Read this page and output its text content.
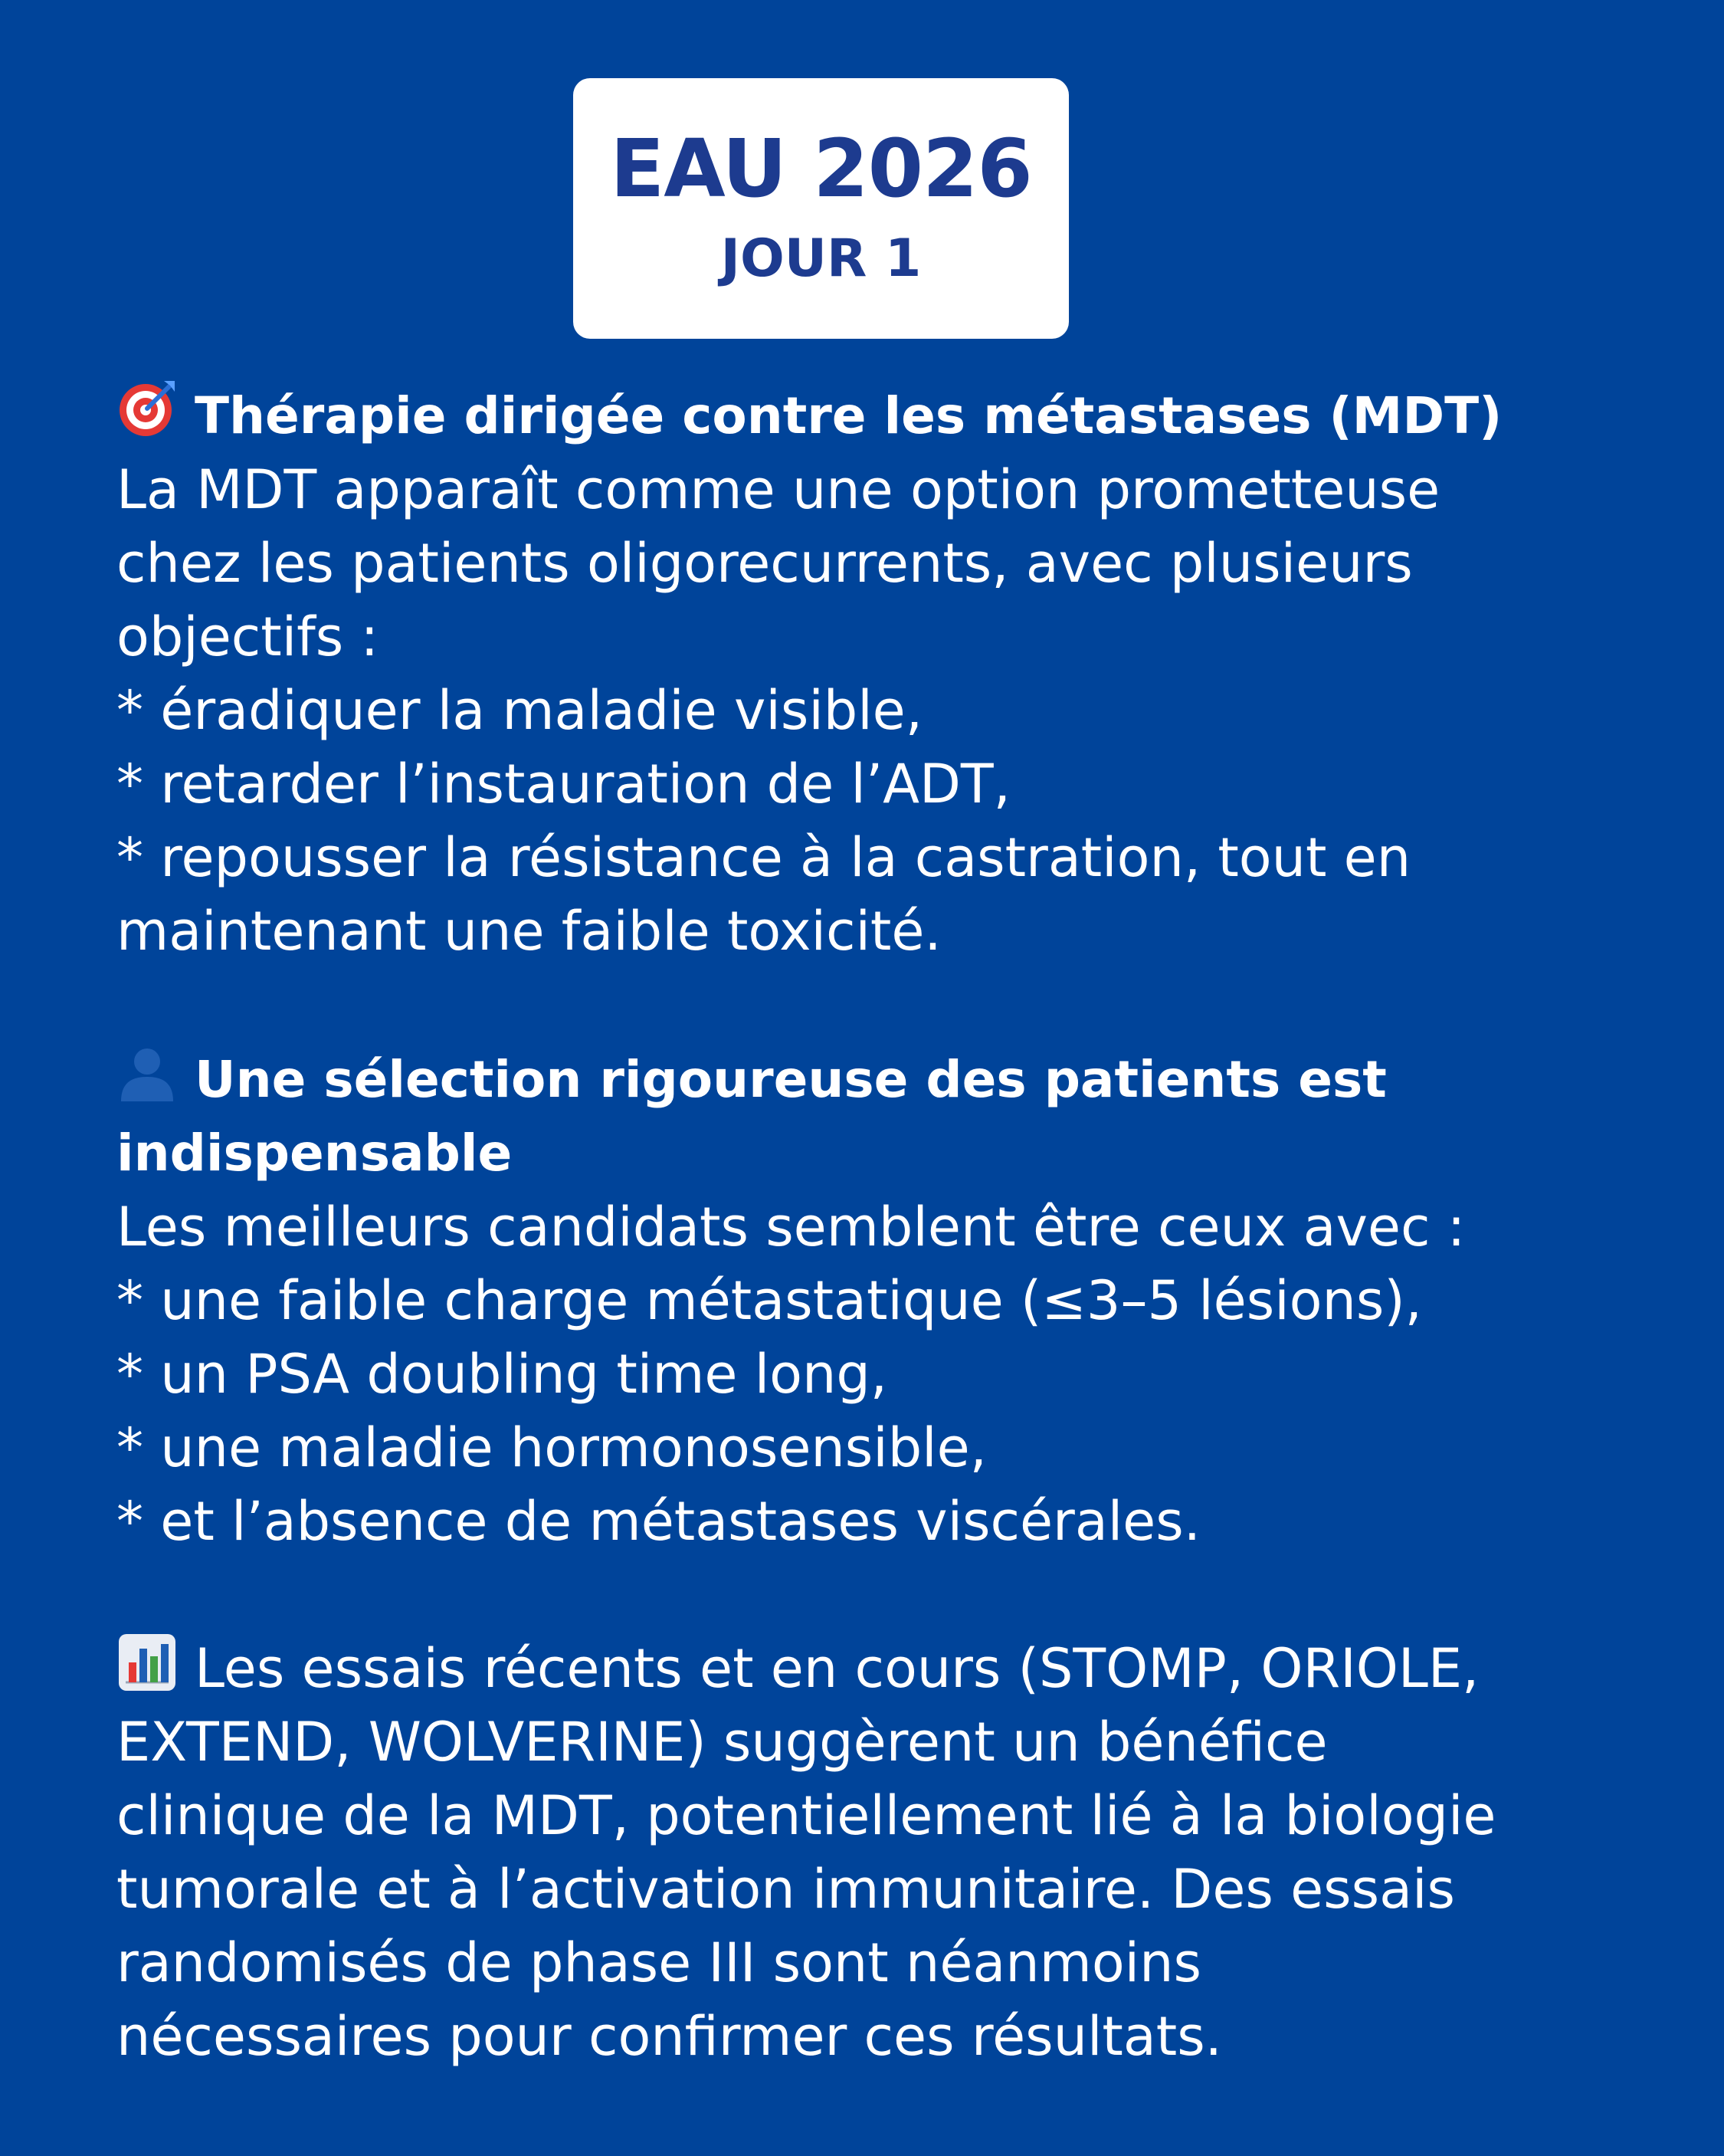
EAU 2026
JOUR 1
Thérapie dirigée contre les métastases (MDT)
La MDT apparaît comme une option prometteuse
chez les patients oligorecurrents, avec plusieurs
objectifs :
* éradiquer la maladie visible,
* retarder l’instauration de l’ADT,
* repousser la résistance à la castration, tout en
maintenant une faible toxicité.
Une sélection rigoureuse des patients est
indispensable
Les meilleurs candidats semblent être ceux avec :
* une faible charge métastatique (≤3–5 lésions),
* un PSA doubling time long,
* une maladie hormonosensible,
* et l’absence de métastases viscérales.
Les essais récents et en cours (STOMP, ORIOLE,
EXTEND, WOLVERINE) suggèrent un bénéfice
clinique de la MDT, potentiellement lié à la biologie
tumorale et à l’activation immunitaire. Des essais
randomisés de phase III sont néanmoins
nécessaires pour confirmer ces résultats.
